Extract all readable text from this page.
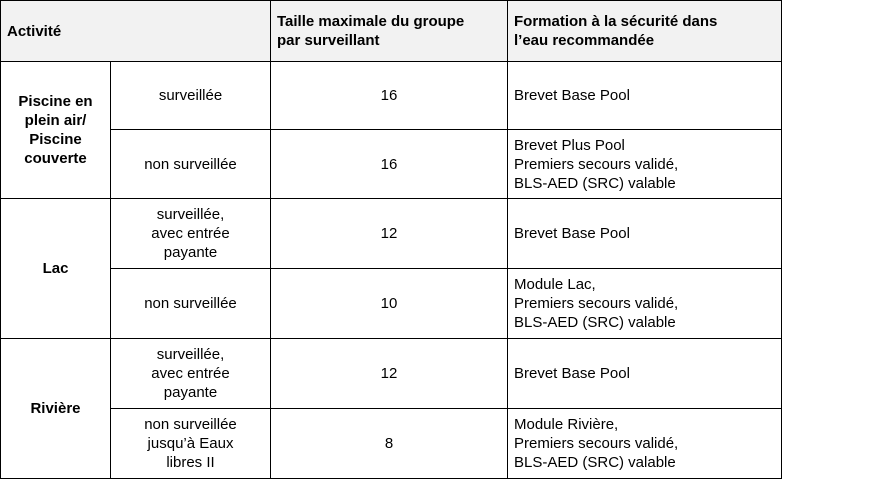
Activité		Taille maximale du groupe
par surveillant	Formation à la sécurité dans
l’eau recommandée
Piscine en
plein air/
Piscine
couverte	surveillée	16	Brevet Base Pool
	non surveillée	16	Brevet Plus Pool
Premiers secours validé,
BLS-AED (SRC) valable
Lac	surveillée,
avec entrée
payante	12	Brevet Base Pool
	non surveillée	10	Module Lac,
Premiers secours validé,
BLS-AED (SRC) valable
Rivière	surveillée,
avec entrée
payante	12	Brevet Base Pool
	non surveillée
jusqu’à Eaux
libres II	8	Module Rivière,
Premiers secours validé,
BLS-AED (SRC) valable
